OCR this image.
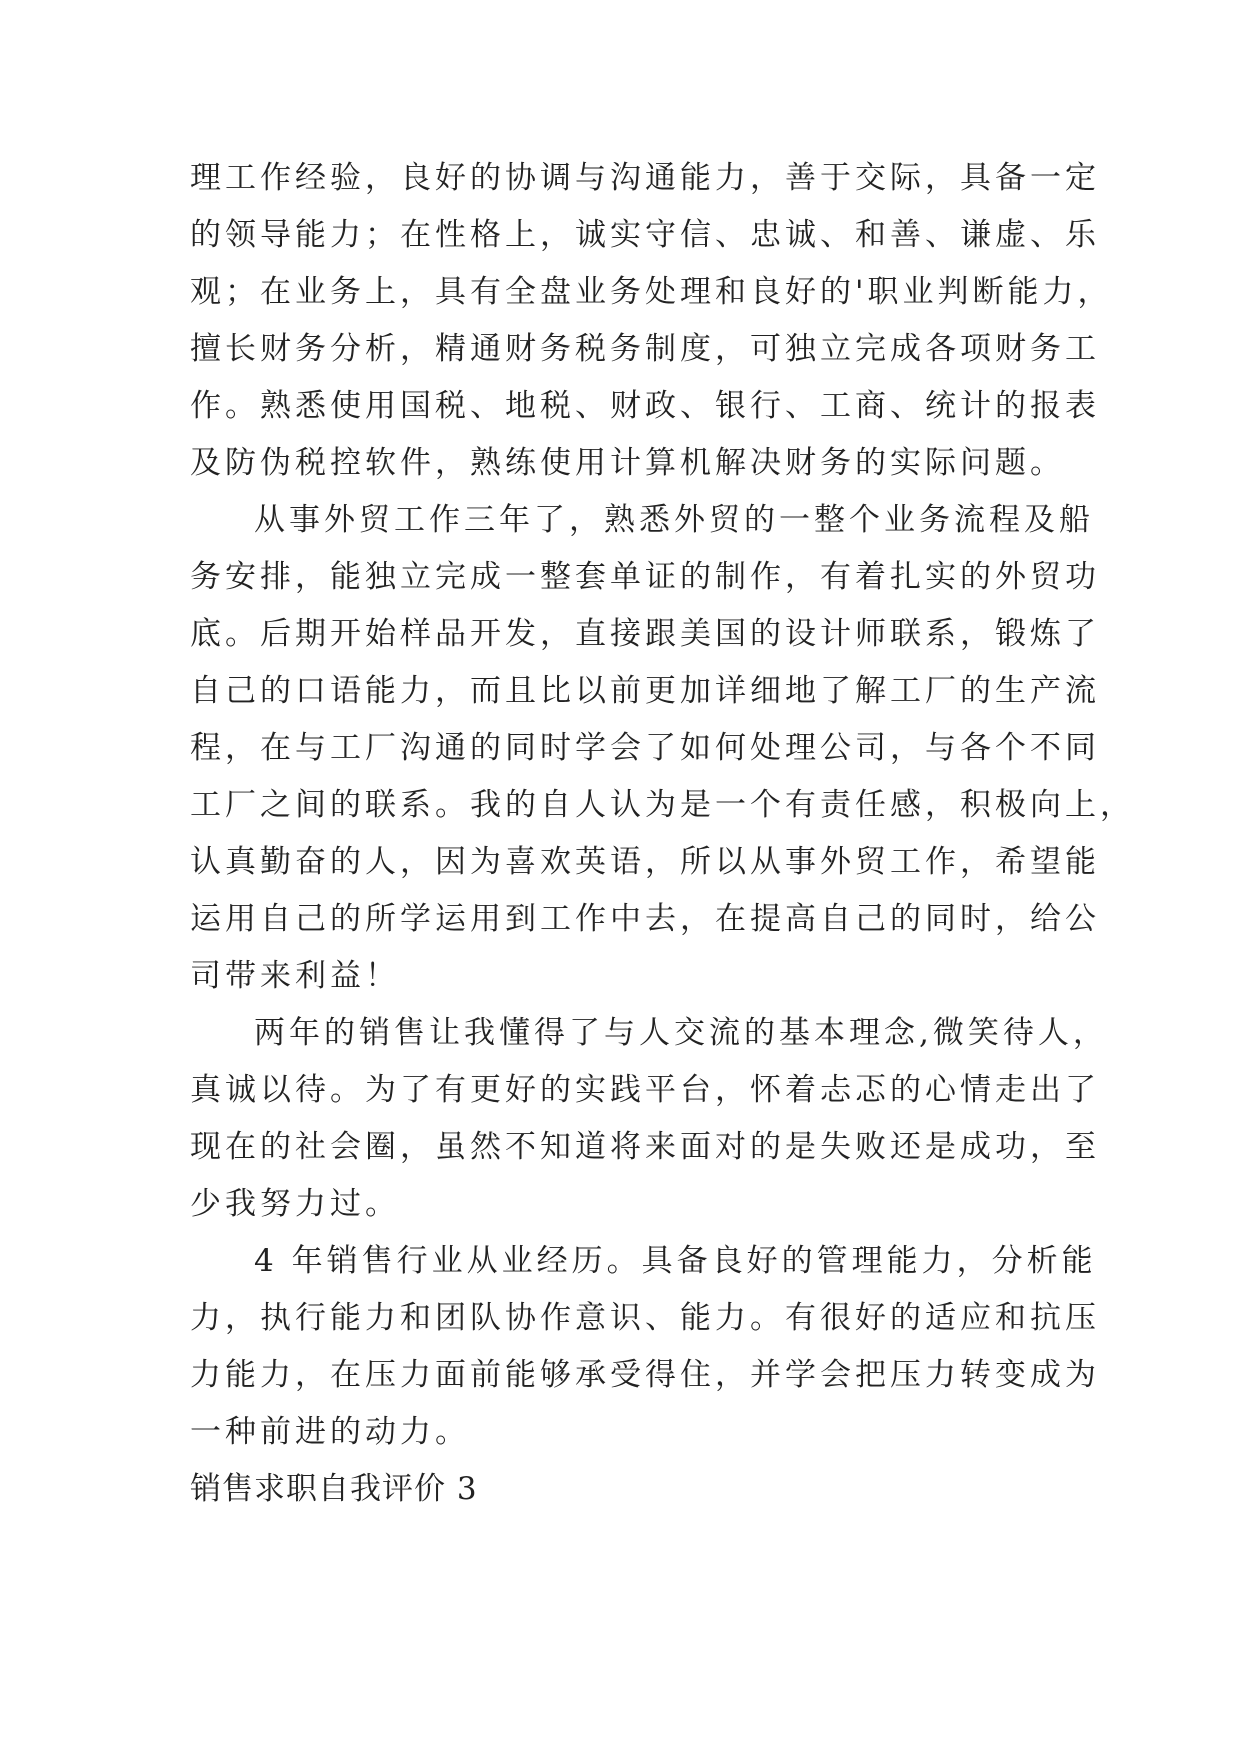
理工作经验，良好的协调与沟通能力，善于交际，具备一定
的领导能力；在性格上，诚实守信、忠诚、和善、谦虚、乐
观；在业务上，具有全盘业务处理和良好的'职业判断能力，
擅长财务分析，精通财务税务制度，可独立完成各项财务工
作。熟悉使用国税、地税、财政、银行、工商、统计的报表
及防伪税控软件，熟练使用计算机解决财务的实际问题。
从事外贸工作三年了，熟悉外贸的一整个业务流程及船
务安排，能独立完成一整套单证的制作，有着扎实的外贸功
底。后期开始样品开发，直接跟美国的设计师联系，锻炼了
自己的口语能力，而且比以前更加详细地了解工厂的生产流
程，在与工厂沟通的同时学会了如何处理公司，与各个不同
工厂之间的联系。我的自人认为是一个有责任感，积极向上，
认真勤奋的人，因为喜欢英语，所以从事外贸工作，希望能
运用自己的所学运用到工作中去，在提高自己的同时，给公
司带来利益！
两年的销售让我懂得了与人交流的基本理念,微笑待人，
真诚以待。为了有更好的实践平台，怀着忐忑的心情走出了
现在的社会圈，虽然不知道将来面对的是失败还是成功，至
少我努力过。
4 年销售行业从业经历。具备良好的管理能力，分析能
力，执行能力和团队协作意识、能力。有很好的适应和抗压
力能力，在压力面前能够承受得住，并学会把压力转变成为
一种前进的动力。
销售求职自我评价 3
